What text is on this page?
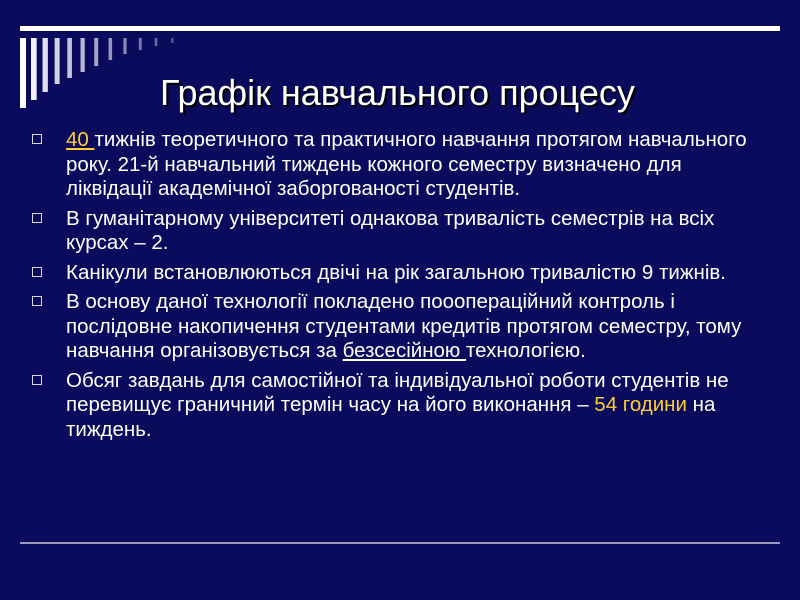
Графік навчального процесу
40 тижнів теоретичного та практичного навчання протягом навчального року. 21-й навчальний тиждень кожного семестру визначено для ліквідації академічної заборгованості студентів.
В гуманітарному університеті однакова тривалість семестрів на всіх курсах – 2.
Канікули встановлюються двічі на рік загальною тривалістю 9 тижнів.
В основу даної технології покладено пооопераційний контроль і послідовне накопичення студентами кредитів протягом семестру, тому навчання організовується за безсесійною технологією.
Обсяг завдань для самостійної та індивідуальної роботи студентів не перевищує граничний термін часу на його виконання – 54 години на тиждень.
